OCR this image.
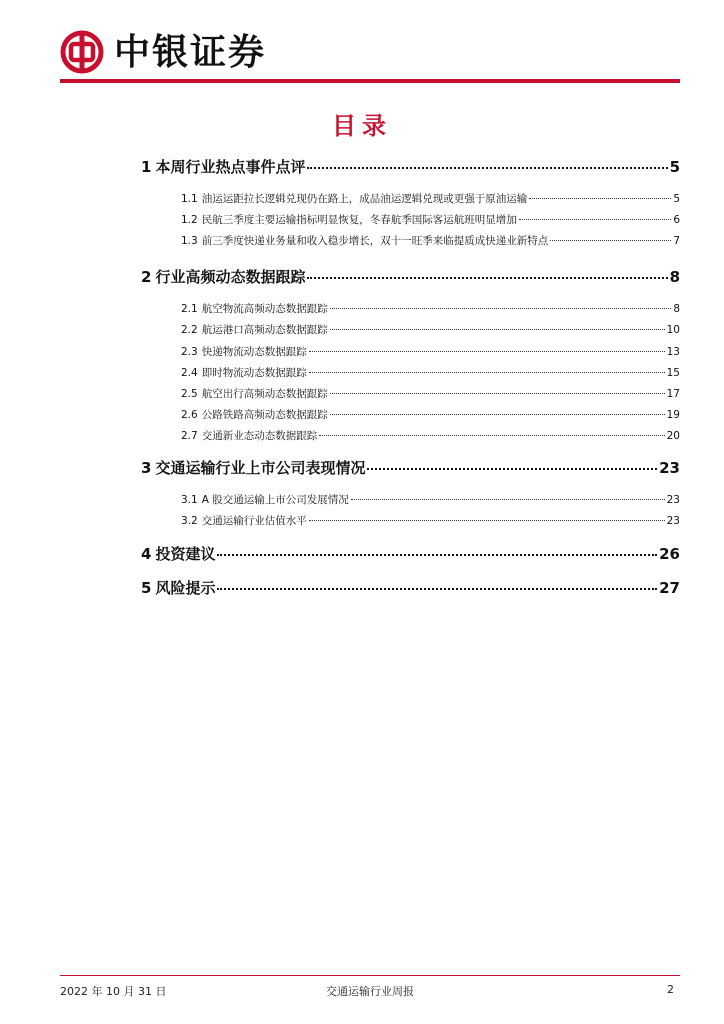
中银证券
目录
1 本周行业热点事件点评	5
1.1 油运运距拉长逻辑兑现仍在路上，成品油运逻辑兑现或更强于原油运输	5
1.2 民航三季度主要运输指标明显恢复，冬春航季国际客运航班明显增加	6
1.3 前三季度快递业务量和收入稳步增长，双十一旺季来临提质成快递业新特点	7
2 行业高频动态数据跟踪	8
2.1 航空物流高频动态数据跟踪	8
2.2 航运港口高频动态数据跟踪	10
2.3 快递物流动态数据跟踪	13
2.4 即时物流动态数据跟踪	15
2.5 航空出行高频动态数据跟踪	17
2.6 公路铁路高频动态数据跟踪	19
2.7 交通新业态动态数据跟踪	20
3 交通运输行业上市公司表现情况	23
3.1 A 股交通运输上市公司发展情况	23
3.2 交通运输行业估值水平	23
4 投资建议	26
5 风险提示	27
2022 年 10 月 31 日	交通运输行业周报	2
